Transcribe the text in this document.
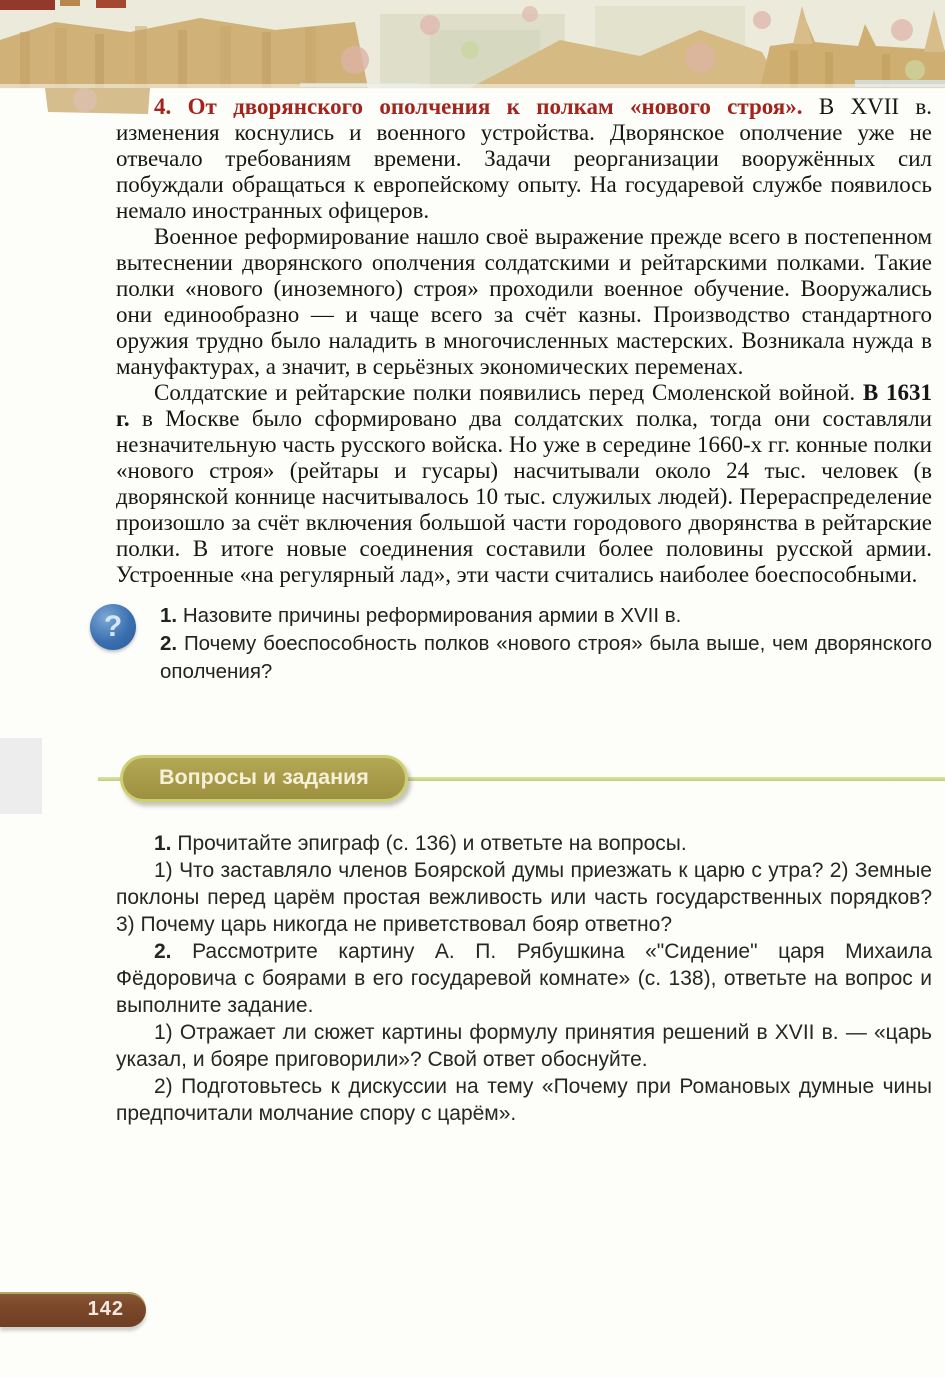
4. От дворянского ополчения к полкам «нового строя». В XVII в. изменения коснулись и военного устройства. Дворянское ополчение уже не отвечало требованиям времени. Задачи реорганизации вооружённых сил побуждали обращаться к европейскому опыту. На государевой службе появилось немало иностранных офицеров.

Военное реформирование нашло своё выражение прежде всего в постепенном вытеснении дворянского ополчения солдатскими и рейтарскими полками. Такие полки «нового (иноземного) строя» проходили военное обучение. Вооружались они единообразно — и чаще всего за счёт казны. Производство стандартного оружия трудно было наладить в многочисленных мастерских. Возникала нужда в мануфактурах, а значит, в серьёзных экономических переменах.

Солдатские и рейтарские полки появились перед Смоленской войной. В 1631 г. в Москве было сформировано два солдатских полка, тогда они составляли незначительную часть русского войска. Но уже в середине 1660-х гг. конные полки «нового строя» (рейтары и гусары) насчитывали около 24 тыс. человек (в дворянской коннице насчитывалось 10 тыс. служилых людей). Перераспределение произошло за счёт включения большой части городового дворянства в рейтарские полки. В итоге новые соединения составили более половины русской армии. Устроенные «на регулярный лад», эти части считались наиболее боеспособными.

?	1. Назовите причины реформирования армии в XVII в.

2. Почему боеспособность полков «нового строя» была выше, чем дворянского ополчения?

Вопросы и задания

1. Прочитайте эпиграф (с. 136) и ответьте на вопросы.

1) Что заставляло членов Боярской думы приезжать к царю с утра? 2) Земные поклоны перед царём простая вежливость или часть государственных порядков? 3) Почему царь никогда не приветствовал бояр ответно?

2. Рассмотрите картину А. П. Рябушкина «"Сидение" царя Михаила Фёдоровича с боярами в его государевой комнате» (с. 138), ответьте на вопрос и выполните задание.

1) Отражает ли сюжет картины формулу принятия решений в XVII в. — «царь указал, и бояре приговорили»? Свой ответ обоснуйте.

2) Подготовьтесь к дискуссии на тему «Почему при Романовых думные чины предпочитали молчание спору с царём».

142
